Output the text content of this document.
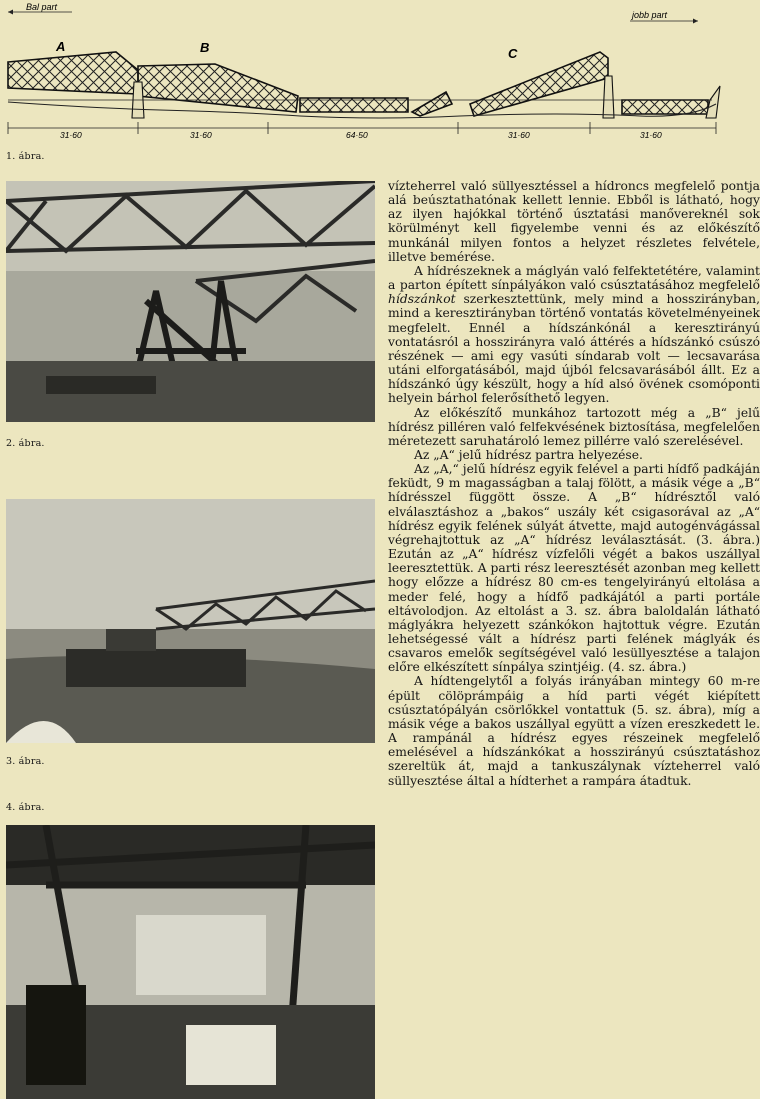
Bal part
jobb part
A	B	C
31·60	31·60	64·50	31·60	31·60
1. ábra.
2. ábra.
3. ábra.
4. ábra.

vízteherrel való süllyesztéssel a hídroncs megfelelő pontja alá beúsztathatónak kellett lennie. Ebből is látható, hogy az ilyen hajókkal történő úsztatási manővereknél sok körülményt kell figyelembe venni és az előkészítő munkánál milyen fontos a helyzet részletes felvétele, illetve bemérése.

A hídrészeknek a máglyán való felfektetétére, valamint a parton épített sínpályákon való csúsztatásához megfelelő hídszánkot szerkesztettünk, mely mind a hosszirányban, mind a keresztirányban történő vontatás követelményeinek megfelelt. Ennél a hídszánkónál a keresztirányú vontatásról a hosszirányra való áttérés a hídszánkó csúszó részének — ami egy vasúti síndarab volt — lecsavarása utáni elforgatásából, majd újból felcsavarásából állt. Ez a hídszánkó úgy készült, hogy a híd alsó övének csomóponti helyein bárhol felerősíthető legyen.

Az előkészítő munkához tartozott még a „B“ jelű hídrész pilléren való felfekvésének biztosítása, megfelelően méretezett saruhatároló lemez pillérre való szerelésével.

Az „A“ jelű hídrész partra helyezése.

Az „A,“ jelű hídrész egyik felével a parti hídfő padkáján feküdt, 9 m magasságban a talaj fölött, a másik vége a „B“ hídrésszel függött össze. A „B“ hídrésztől való elválasztáshoz a „bakos“ uszály két csigasorával az „A“ hídrész egyik felének súlyát átvette, majd autogénvágással végrehajtottuk az „A“ hídrész leválasztását. (3. ábra.) Ezután az „A“ hídrész vízfelőli végét a bakos uszállyal leeresztettük. A parti rész leeresztését azonban meg kellett hogy előzze a hídrész 80 cm-es tengelyirányú eltolása a meder felé, hogy a hídfő padkájától a parti portále eltávolodjon. Az eltolást a 3. sz. ábra baloldalán látható máglyákra helyezett szánkókon hajtottuk végre. Ezután lehetségessé vált a hídrész parti felének máglyák és csavaros emelők segítségével való lesüllyesztése a talajon előre elkészített sínpálya szintjéig. (4. sz. ábra.)

A hídtengelytől a folyás irányában mintegy 60 m-re épült cölöprámpáig a híd parti végét kiépített csúsztatópályán csörlőkkel vontattuk (5. sz. ábra), míg a másik vége a bakos uszállyal együtt a vízen ereszkedett le. A rampánál a hídrész egyes részeinek megfelelő emelésével a hídszánkókat a hosszirányú csúsztatáshoz szereltük át, majd a tankuszálynak vízteherrel való süllyesztése által a hídterhet a rampára átadtuk.
